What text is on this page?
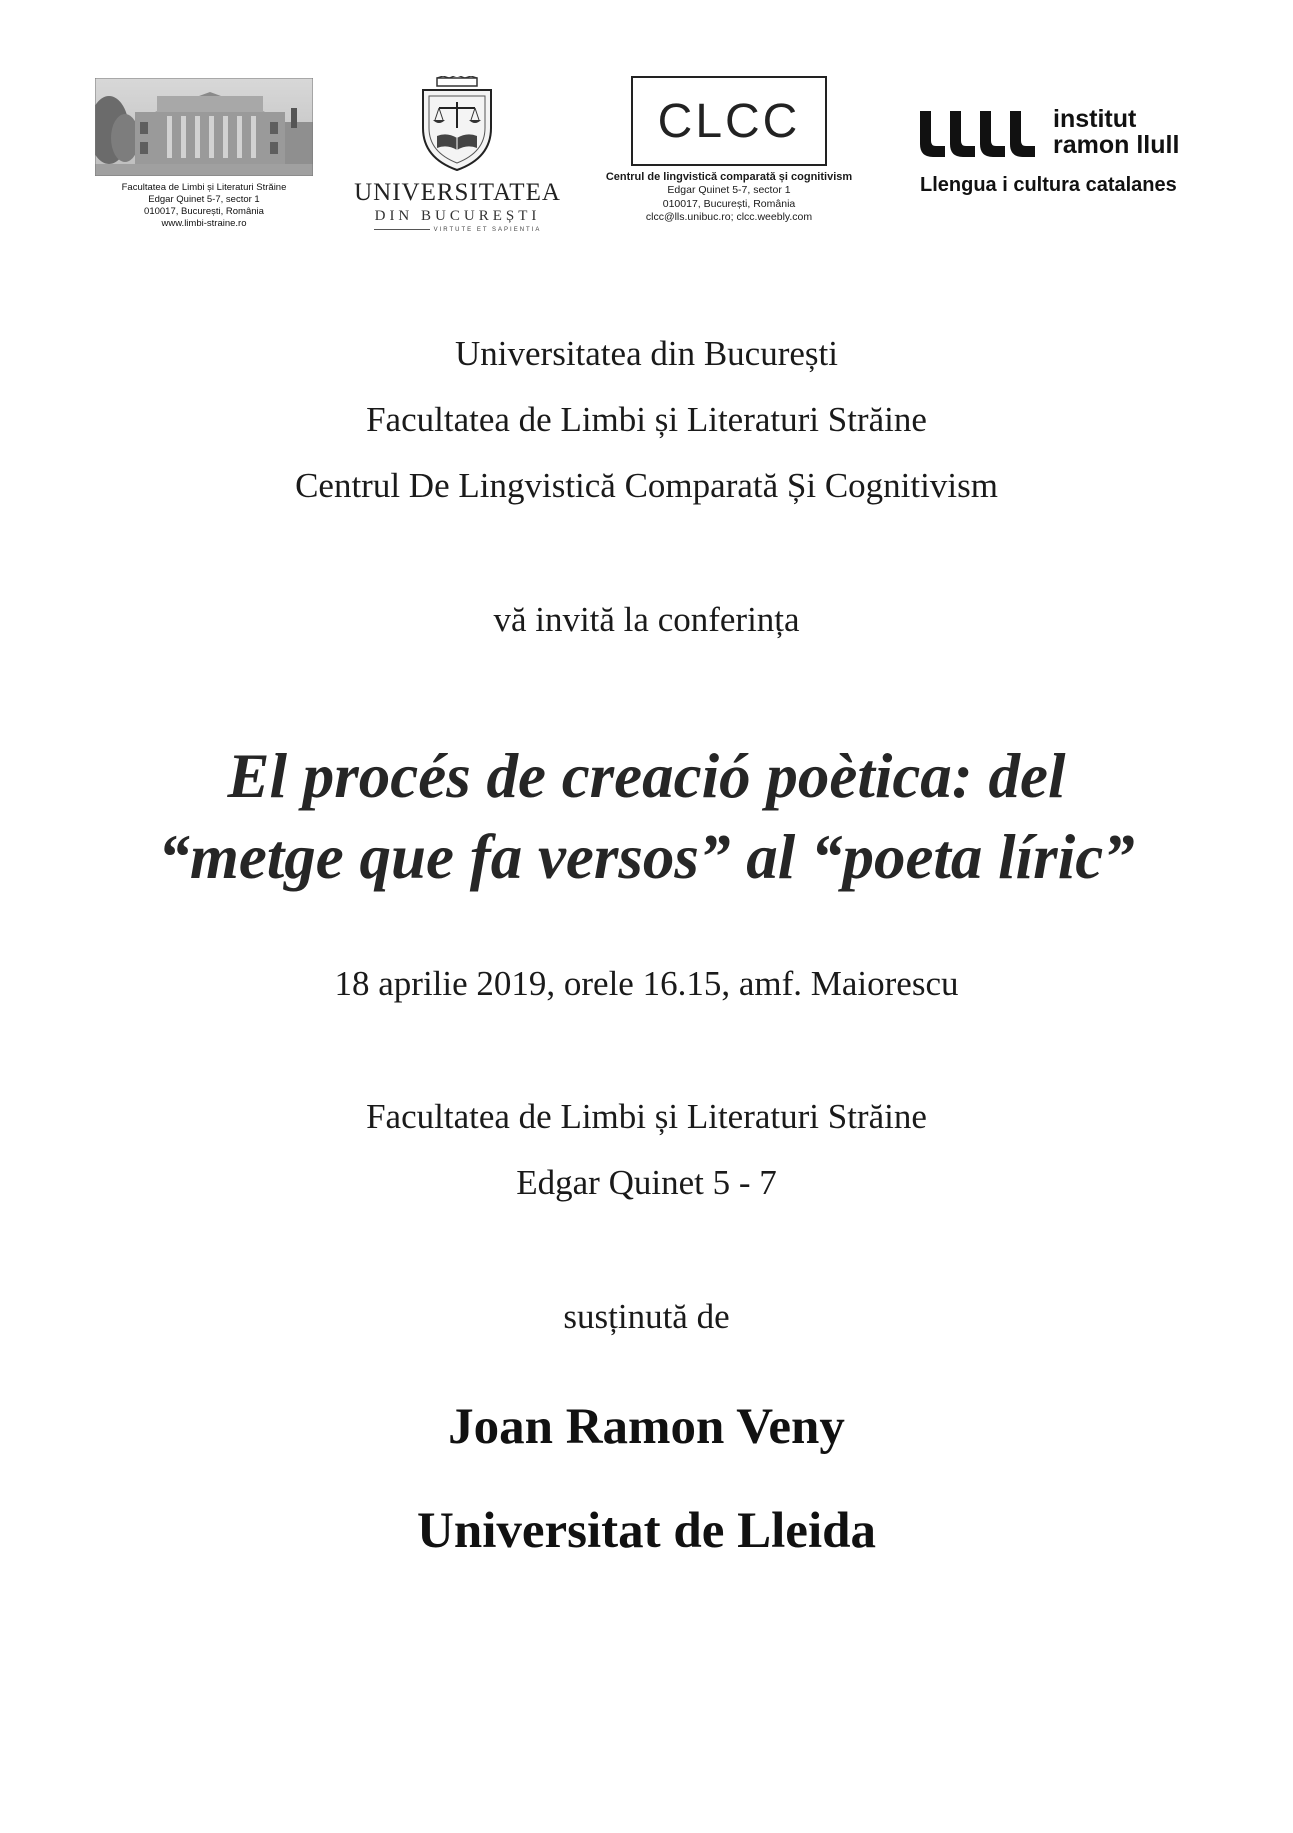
Facultatea de Limbi și Literaturi Străine
Edgar Quinet 5-7, sector 1
010017, București, România
www.limbi-straine.ro
UNIVERSITATEA
DIN BUCUREȘTI
VIRTUTE ET SAPIENTIA
CLCC
Centrul de lingvistică comparată și cognitivism
Edgar Quinet 5-7, sector 1
010017, București, România
clcc@lls.unibuc.ro; clcc.weebly.com
institut
ramon llull
Llengua i cultura catalanes
Universitatea din București
Facultatea de Limbi și Literaturi Străine
Centrul De Lingvistică Comparată Și Cognitivism
vă invită la conferința
El procés de creació poètica: del
“metge que fa versos” al “poeta líric”
18 aprilie 2019, orele 16.15, amf. Maiorescu
Facultatea de Limbi și Literaturi Străine
Edgar Quinet 5 - 7
susținută de
Joan Ramon Veny
Universitat de Lleida
